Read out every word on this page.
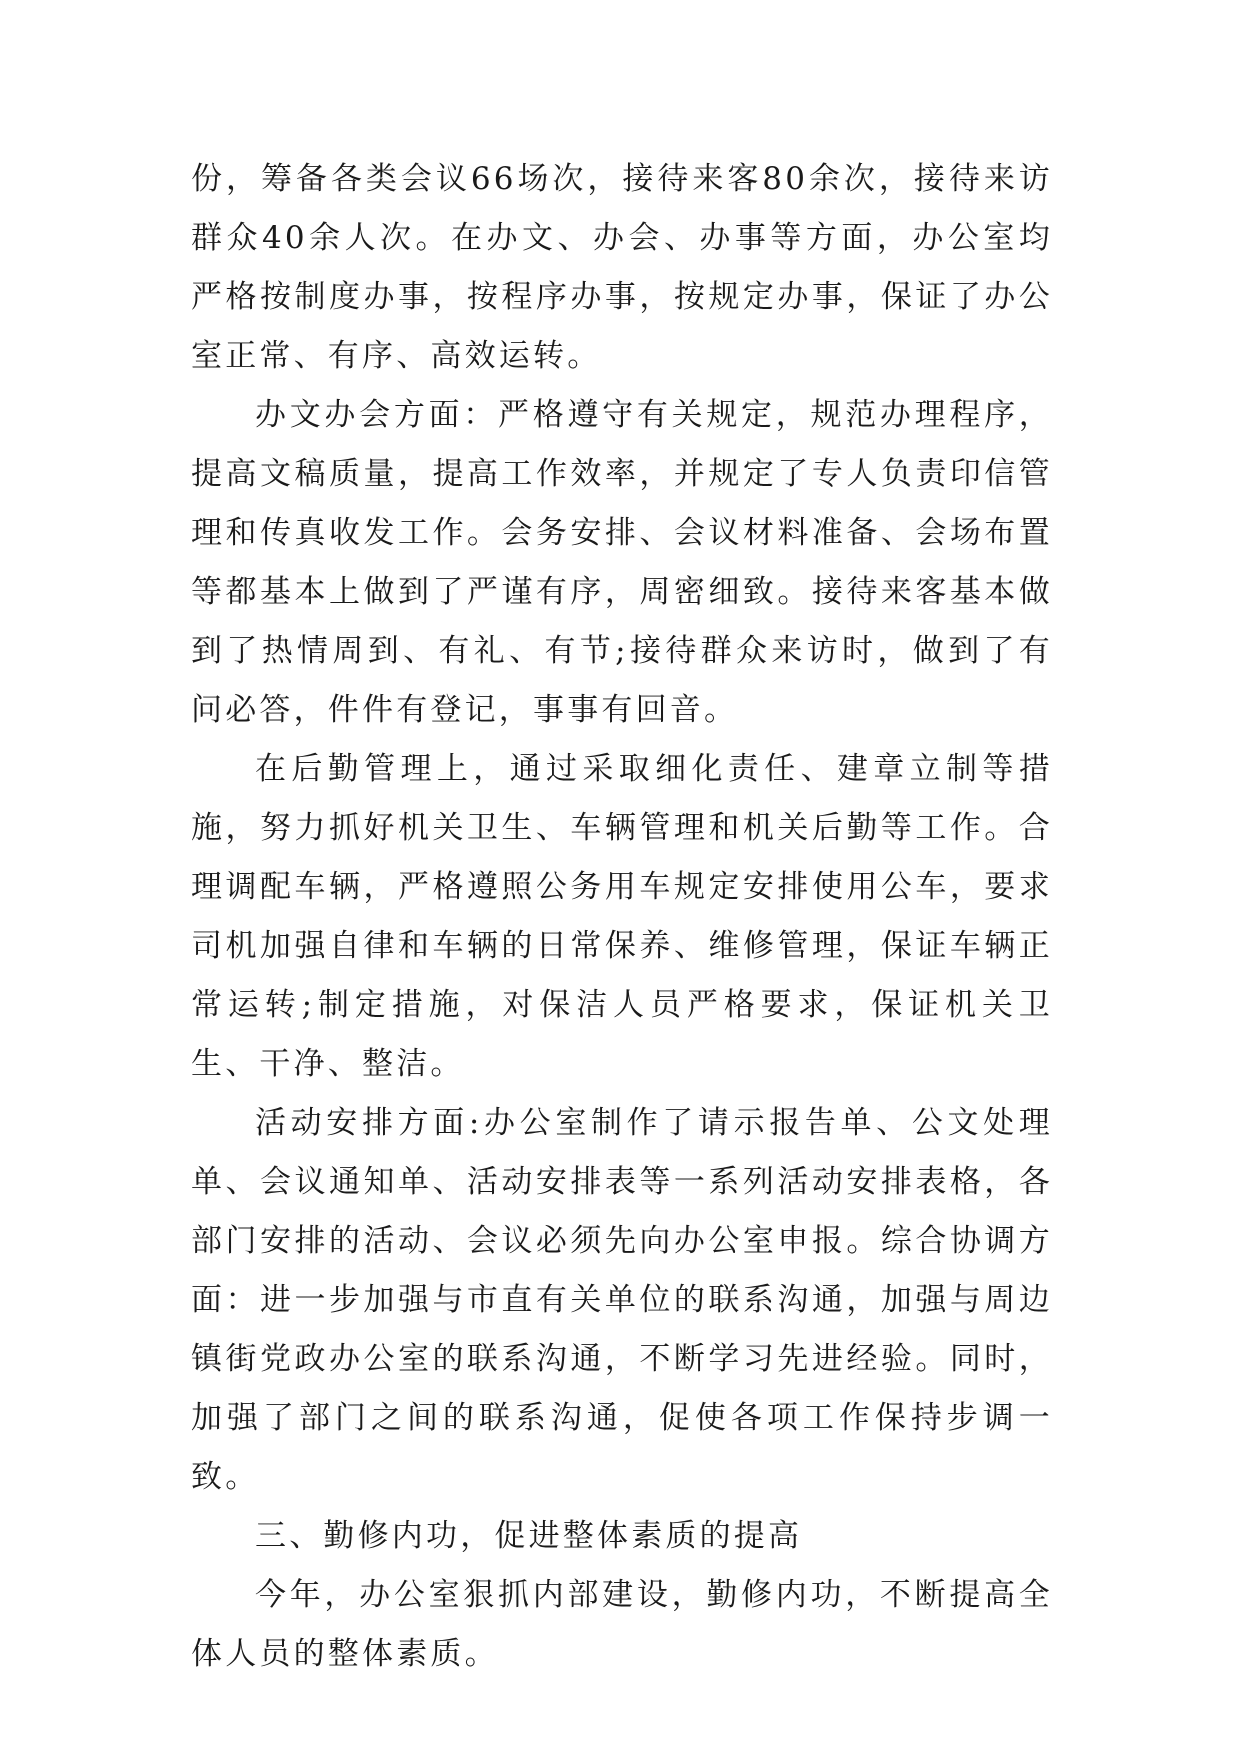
份，筹备各类会议66场次，接待来客80余次，接待来访群众40余人次。在办文、办会、办事等方面，办公室均严格按制度办事，按程序办事，按规定办事，保证了办公室正常、有序、高效运转。

办文办会方面：严格遵守有关规定，规范办理程序，提高文稿质量，提高工作效率，并规定了专人负责印信管理和传真收发工作。会务安排、会议材料准备、会场布置等都基本上做到了严谨有序，周密细致。接待来客基本做到了热情周到、有礼、有节;接待群众来访时，做到了有问必答，件件有登记，事事有回音。

在后勤管理上，通过采取细化责任、建章立制等措施，努力抓好机关卫生、车辆管理和机关后勤等工作。合理调配车辆，严格遵照公务用车规定安排使用公车，要求司机加强自律和车辆的日常保养、维修管理，保证车辆正常运转;制定措施，对保洁人员严格要求，保证机关卫生、干净、整洁。

活动安排方面:办公室制作了请示报告单、公文处理单、会议通知单、活动安排表等一系列活动安排表格，各部门安排的活动、会议必须先向办公室申报。综合协调方面：进一步加强与市直有关单位的联系沟通，加强与周边镇街党政办公室的联系沟通，不断学习先进经验。同时，加强了部门之间的联系沟通，促使各项工作保持步调一致。

三、勤修内功，促进整体素质的提高

今年，办公室狠抓内部建设，勤修内功，不断提高全体人员的整体素质。
